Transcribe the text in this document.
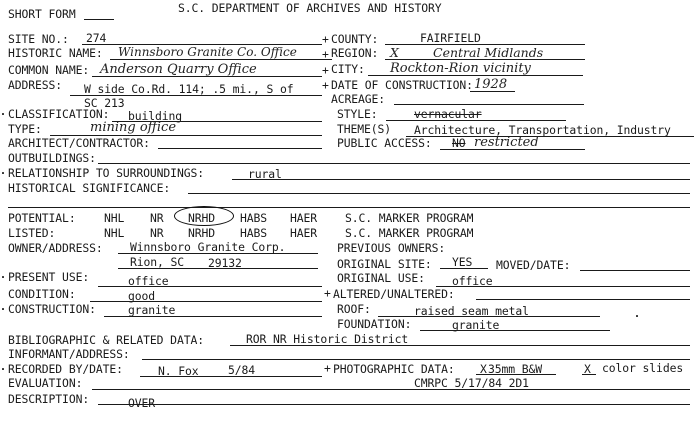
SHORT FORM	S.C. DEPARTMENT OF ARCHIVES AND HISTORY
SITE NO.: 274	+ COUNTY:	FAIRFIELD
HISTORIC NAME: Winnsboro Granite Co. Office + REGION: X	Central Midlands
COMMON NAME: Anderson Quarry Office	+ CITY: Rockton-Rion vicinity
ADDRESS: W side Co.Rd. 114; .5 mi., S of
SC 213
+ DATE OF CONSTRUCTION: 1928
ACREAGE:
CLASSIFICATION: building	STYLE:	vernacular
TYPE:	mining office	THEME(S) Architecture, Transportation, Industry
ARCHITECT/CONTRACTOR:	PUBLIC ACCESS: NO restricted
OUTBUILDINGS:
RELATIONSHIP TO SURROUNDINGS:	rural
HISTORICAL SIGNIFICANCE:
POTENTIAL: NHL NR NRHD HABS HAER S.C. MARKER PROGRAM
LISTED:	NHL NR NRHD HABS HAER S.C. MARKER PROGRAM
OWNER/ADDRESS: Winnsboro Granite Corp.	PREVIOUS OWNERS:
Rion, SC 29132	ORIGINAL SITE: YES MOVED/DATE:
PRESENT USE:	office	ORIGINAL USE: office
CONDITION:	good	+ ALTERED/UNALTERED:
CONSTRUCTION:	granite	ROOF:	raised seam metal
FOUNDATION:	granite
BIBLIOGRAPHIC & RELATED DATA:	ROR NR Historic District
INFORMANT/ADDRESS:
RECORDED BY/DATE:	N. Fox	5/84	+ PHOTOGRAPHIC DATA: X 35mm B&W	X color slides
EVALUATION:	CMRPC 5/17/84 2D1
DESCRIPTION:	OVER
